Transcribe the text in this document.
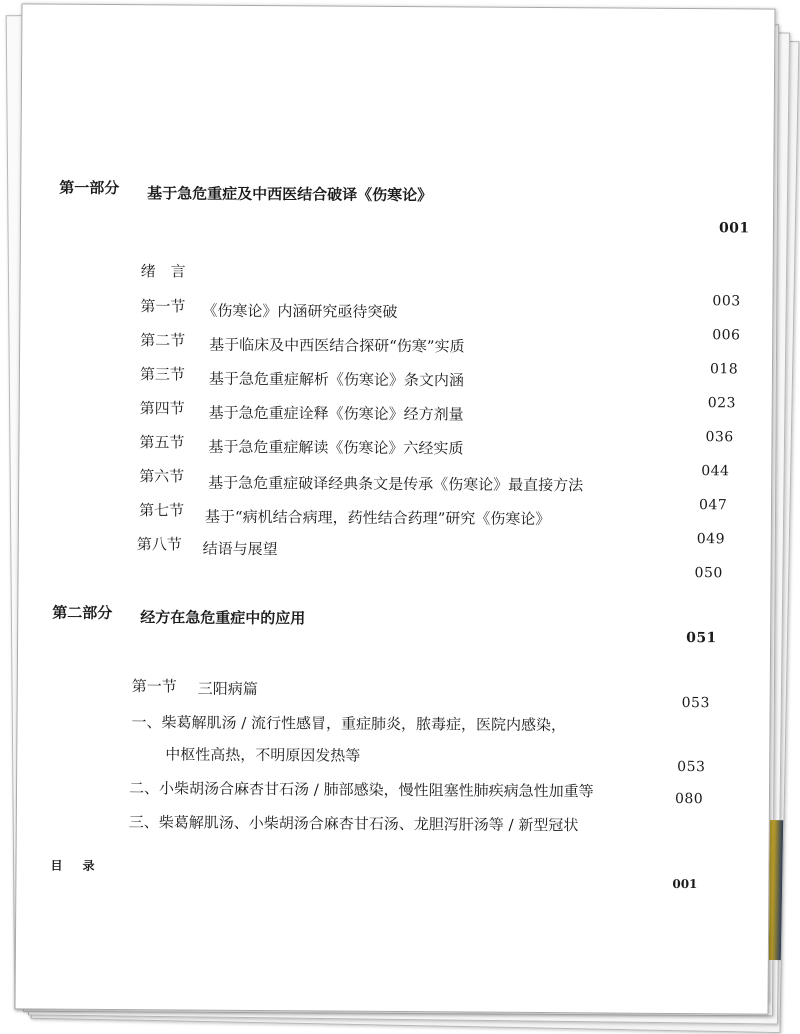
第一部分 基于急危重症及中西医结合破译《伤寒论》
001
绪　言
第一节 《伤寒论》内涵研究亟待突破
003
第二节 基于临床及中西医结合探研“伤寒”实质
006
第三节 基于急危重症解析《伤寒论》条文内涵
018
第四节 基于急危重症诠释《伤寒论》经方剂量
023
第五节 基于急危重症解读《伤寒论》六经实质
036
第六节 基于急危重症破译经典条文是传承《伤寒论》最直接方法
044
第七节 基于“病机结合病理，药性结合药理”研究《伤寒论》
047
第八节 结语与展望
049
050
第二部分 经方在急危重症中的应用
051
第一节 三阳病篇
053
一、柴葛解肌汤 / 流行性感冒，重症肺炎，脓毒症，医院内感染，
中枢性高热，不明原因发热等
053
二、小柴胡汤合麻杏甘石汤 / 肺部感染，慢性阻塞性肺疾病急性加重等	080
三、柴葛解肌汤、小柴胡汤合麻杏甘石汤、龙胆泻肝汤等 / 新型冠状
目　录
001
